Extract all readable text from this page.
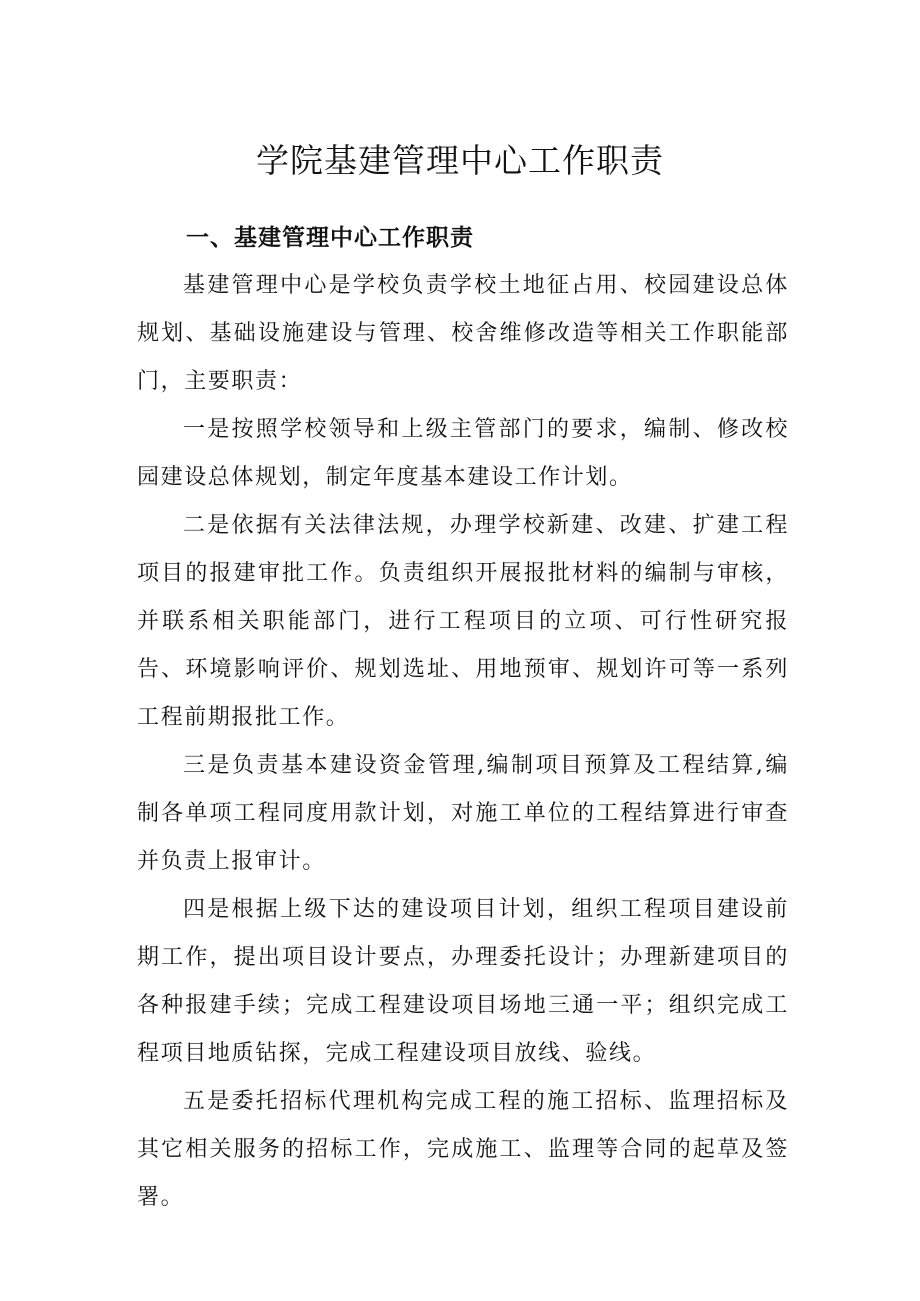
学院基建管理中心工作职责
一、基建管理中心工作职责

基建管理中心是学校负责学校土地征占用、校园建设总体规划、基础设施建设与管理、校舍维修改造等相关工作职能部门，主要职责：

一是按照学校领导和上级主管部门的要求，编制、修改校园建设总体规划，制定年度基本建设工作计划。

二是依据有关法律法规，办理学校新建、改建、扩建工程项目的报建审批工作。负责组织开展报批材料的编制与审核，并联系相关职能部门，进行工程项目的立项、可行性研究报告、环境影响评价、规划选址、用地预审、规划许可等一系列工程前期报批工作。

三是负责基本建设资金管理,编制项目预算及工程结算,编制各单项工程同度用款计划，对施工单位的工程结算进行审查并负责上报审计。

四是根据上级下达的建设项目计划，组织工程项目建设前期工作，提出项目设计要点，办理委托设计；办理新建项目的各种报建手续；完成工程建设项目场地三通一平；组织完成工程项目地质钻探，完成工程建设项目放线、验线。

五是委托招标代理机构完成工程的施工招标、监理招标及其它相关服务的招标工作，完成施工、监理等合同的起草及签署。
